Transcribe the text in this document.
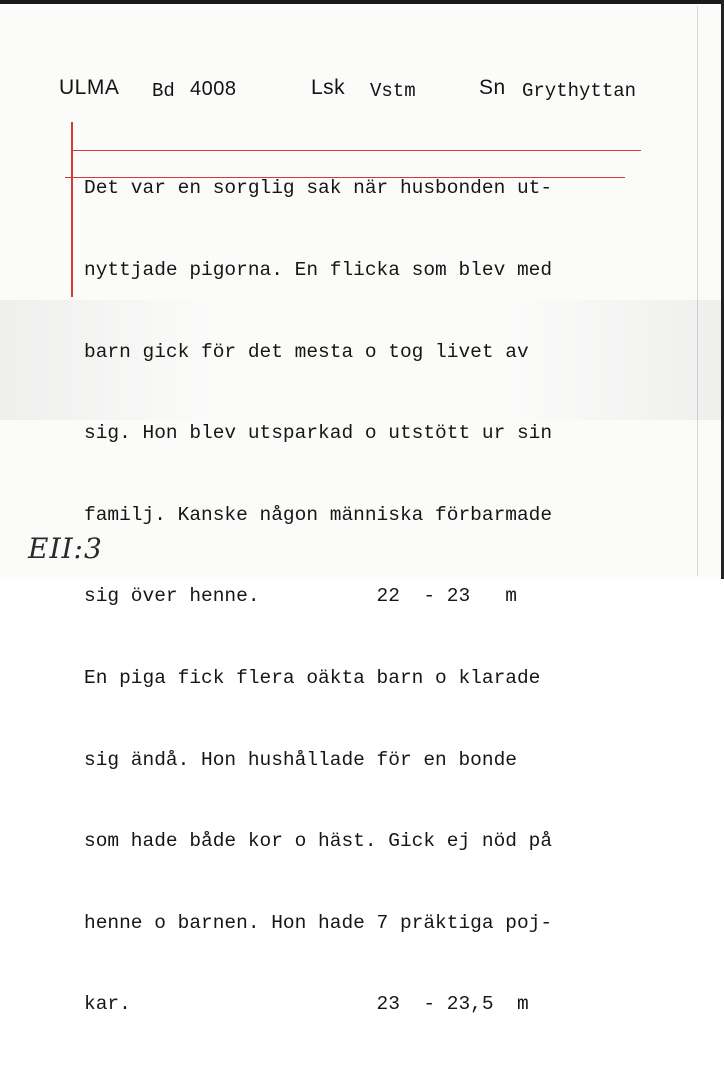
ULMA Bd 4008	Lsk Vstm	Sn Grythyttan

Det var en sorglig sak när husbonden ut-

nyttjade pigorna. En flicka som blev med

barn gick för det mesta o tog livet av

sig. Hon blev utsparkad o utstött ur sin

familj. Kanske någon människa förbarmade

sig över henne.          22  - 23   m

En piga fick flera oäkta barn o klarade

sig ändå. Hon hushållade för en bonde

som hade både kor o häst. Gick ej nöd på

henne o barnen. Hon hade 7 präktiga poj-

kar.                     23  - 23,5  m

EII:3
